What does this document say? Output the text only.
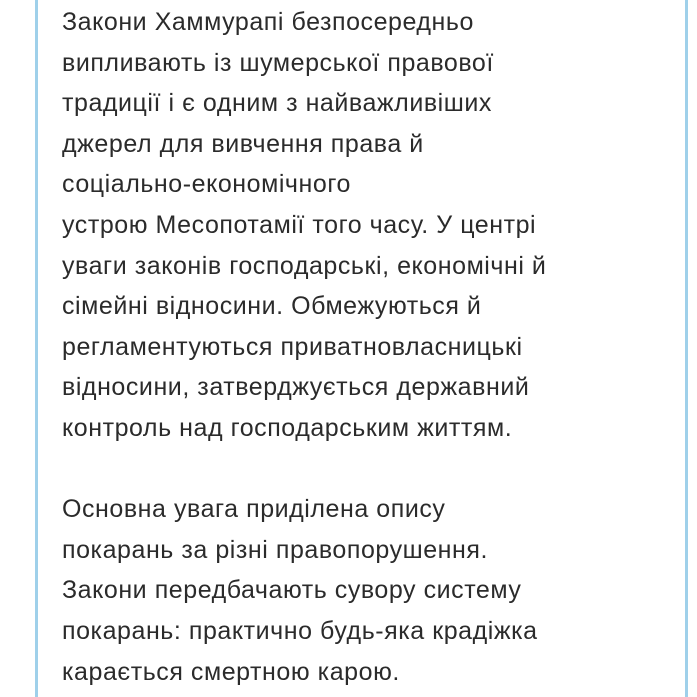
Закони Хаммурапі безпосередньо
випливають із шумерської правової
традиції і є одним з найважливіших
джерел для вивчення права й
соціально-економічного
устрою Месопотамії того часу. У центрі
уваги законів господарські, економічні й
сімейні відносини. Обмежуються й
регламентуються приватновласницькі
відносини, затверджується державний
контроль над господарським життям.
Основна увага приділена опису
покарань за різні правопорушення.
Закони передбачають сувору систему
покарань: практично будь-яка крадіжка
карається смертною карою.
